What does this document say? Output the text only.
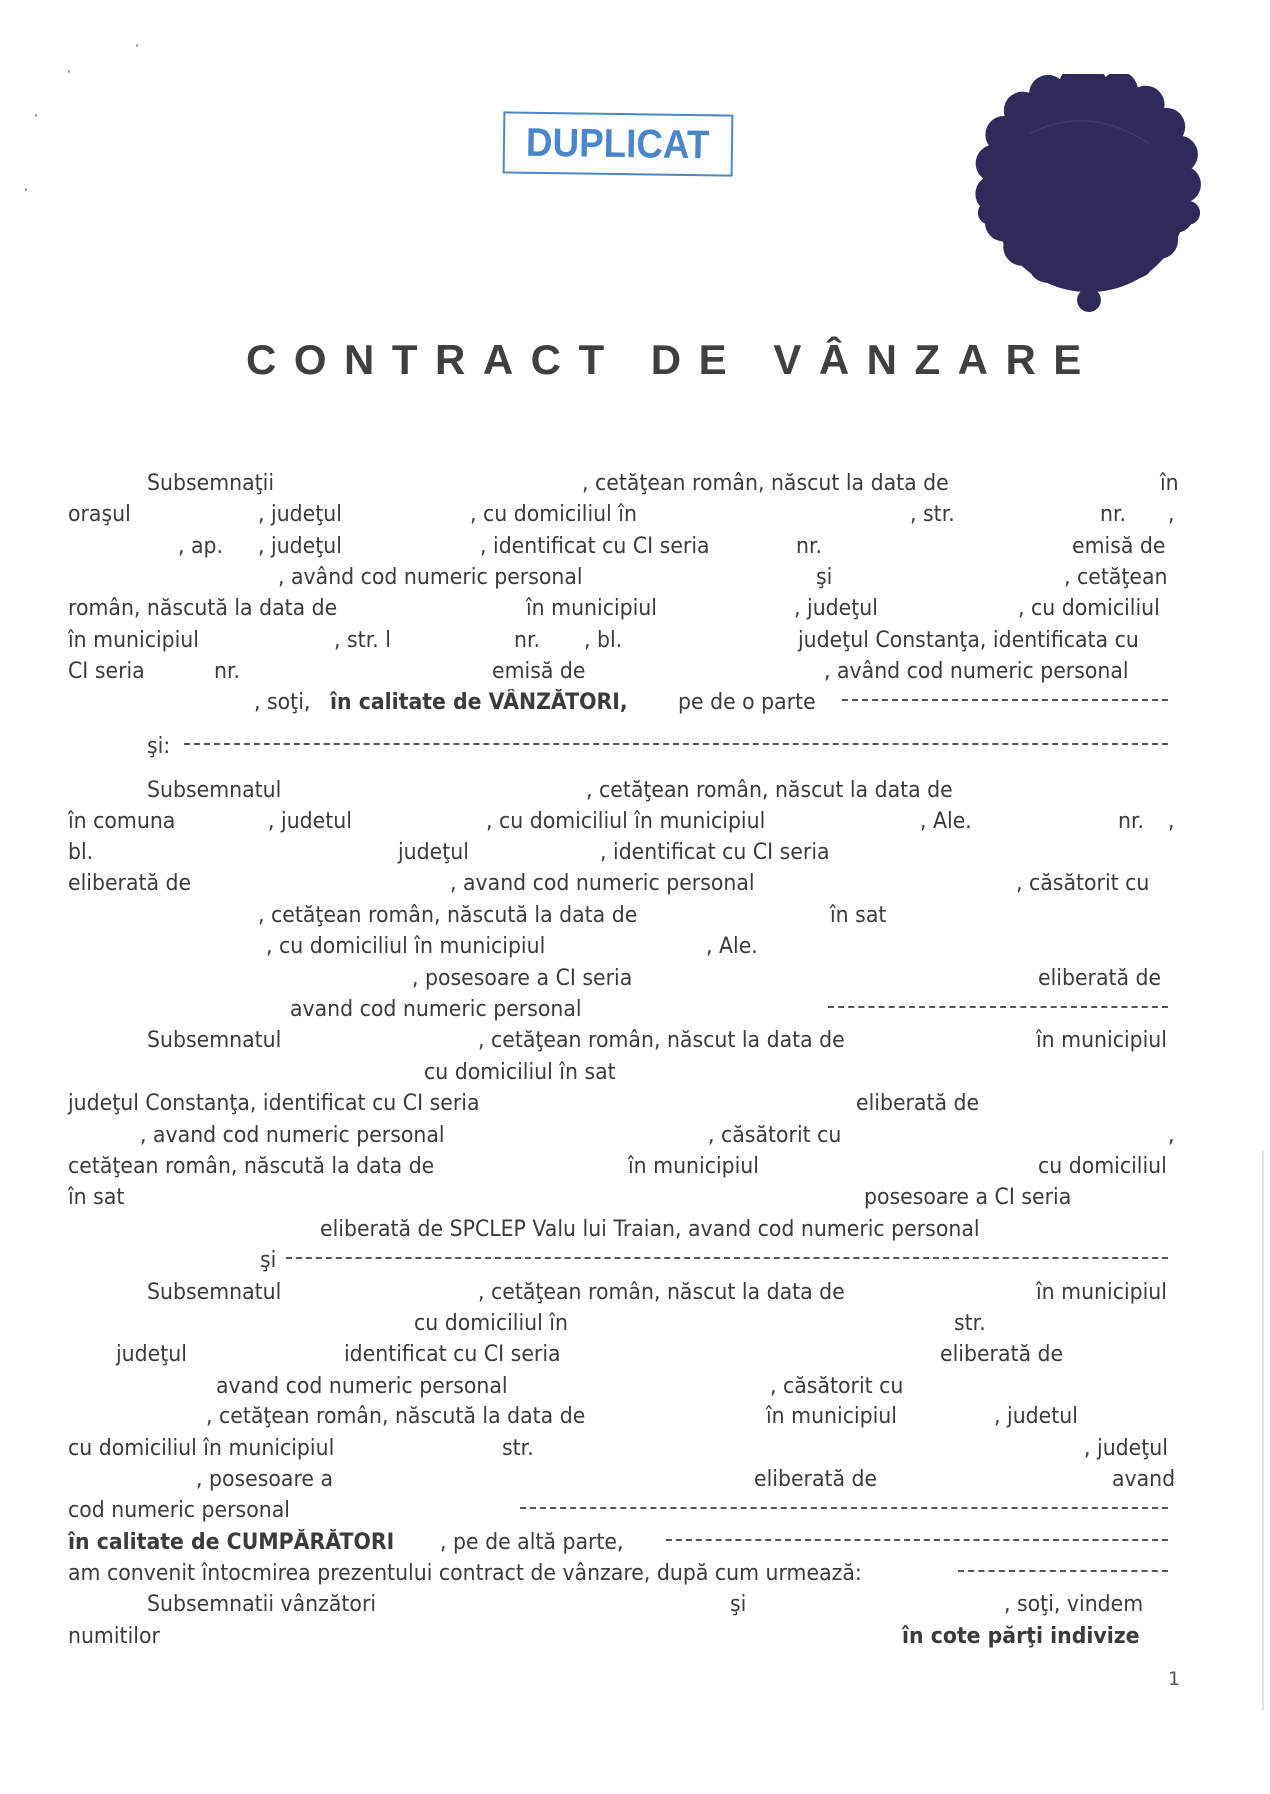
DUPLICAT
CONTRACT DE VÂNZARE
Subsemnaţii	, cetăţean român, născut la data de	în
oraşul	, judeţul	, cu domiciliul în	, str.	nr. ,
, ap. , judeţul	, identificat cu CI seria	nr.	emisă de
, având cod numeric personal	şi	, cetăţean
român, născută la data de	în municipiul	, judeţul	, cu domiciliul
în municipiul	, str. l	nr. , bl.	judeţul Constanţa, identificata cu
CI seria	nr.	emisă de	, având cod numeric personal
, soţi, în calitate de VÂNZĂTORI, pe de o parte
şi:
Subsemnatul	, cetăţean român, născut la data de
în comuna	, judetul	, cu domiciliul în municipiul	, Ale.	nr. ,
bl.	judeţul	, identificat cu CI seria
eliberată de	, avand cod numeric personal	, căsătorit cu
, cetăţean român, născută la data de	în sat
, cu domiciliul în municipiul	, Ale.
, posesoare a CI seria	eliberată de
avand cod numeric personal
Subsemnatul	, cetăţean român, născut la data de	în municipiul
cu domiciliul în sat
judeţul Constanţa, identificat cu CI seria	eliberată de
, avand cod numeric personal	, căsătorit cu	,
cetăţean român, născută la data de	în municipiul	cu domiciliul
în sat	posesoare a CI seria
eliberată de SPCLEP Valu lui Traian, avand cod numeric personal
şi
Subsemnatul	, cetăţean român, născut la data de	în municipiul
cu domiciliul în	str.
judeţul	identificat cu CI seria	eliberată de
avand cod numeric personal	, căsătorit cu
, cetăţean român, născută la data de	în municipiul	, judetul
cu domiciliul în municipiul	str.	, judeţul
, posesoare a	eliberată de	avand
cod numeric personal
în calitate de CUMPĂRĂTORI , pe de altă parte,
am convenit întocmirea prezentului contract de vânzare, după cum urmează:
Subsemnatii vânzători	şi	, soţi, vindem
numitilor	în cote părţi indivize
1
